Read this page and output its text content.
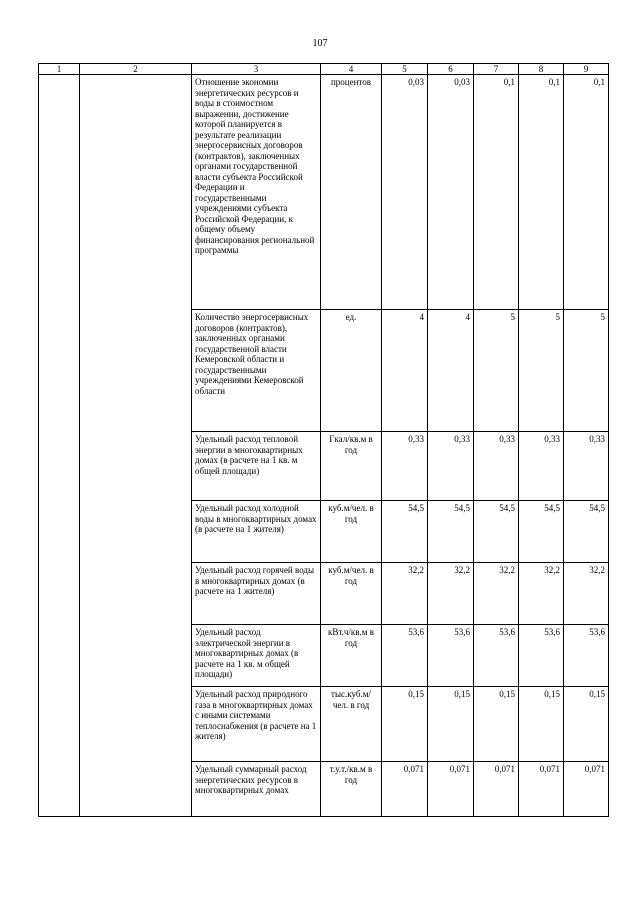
107
1	2	3	4	5	6	7	8	9
		Отношение экономии энергетических ресурсов и воды в стоимостном выражении, достижение которой планируется в результате реализации энергосервисных договоров (контрактов), заключенных органами государственной власти субъекта Российской Федерации и государственными учреждениями субъекта Российской Федерации, к общему объему финансирования региональной программы	процентов	0,03	0,03	0,1	0,1	0,1
		Количество энергосервисных договоров (контрактов), заключенных органами государственной власти Кемеровской области и государственными учреждениями Кемеровской области	ед.	4	4	5	5	5
		Удельный расход тепловой энергии в многоквартирных домах (в расчете на 1 кв. м общей площади)	Гкал/кв.м в год	0,33	0,33	0,33	0,33	0,33
		Удельный расход холодной воды в многоквартирных домах (в расчете на 1 жителя)	куб.м/чел. в год	54,5	54,5	54,5	54,5	54,5
		Удельный расход горячей воды в многоквартирных домах (в расчете на 1 жителя)	куб.м/чел. в год	32,2	32,2	32,2	32,2	32,2
		Удельный расход электрической энергии в многоквартирных домах (в расчете на 1 кв. м общей площади)	кВт.ч/кв.м в год	53,6	53,6	53,6	53,6	53,6
		Удельный расход природного газа в многоквартирных домах с иными системами теплоснабжения (в расчете на 1 жителя)	тыс.куб.м/чел. в год	0,15	0,15	0,15	0,15	0,15
		Удельный суммарный расход энергетических ресурсов в многоквартирных домах	т.у.т./кв.м в год	0,071	0,071	0,071	0,071	0,071
